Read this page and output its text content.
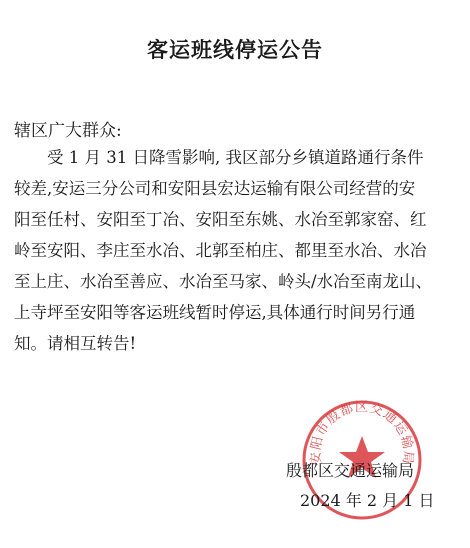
客运班线停运公告
辖区广大群众:
受 1 月 31 日降雪影响, 我区部分乡镇道路通行条件
较差,安运三分公司和安阳县宏达运输有限公司经营的安
阳至任村、安阳至丁冶、安阳至东姚、水冶至郭家窑、红
岭至安阳、李庄至水冶、北郭至柏庄、都里至水冶、水冶
至上庄、水冶至善应、水冶至马家、岭头/水冶至南龙山、
上寺坪至安阳等客运班线暂时停运,具体通行时间另行通
知。请相互转告!
安阳市殷都区交通运输局
殷都区交通运输局
2024 年 2 月 1 日
